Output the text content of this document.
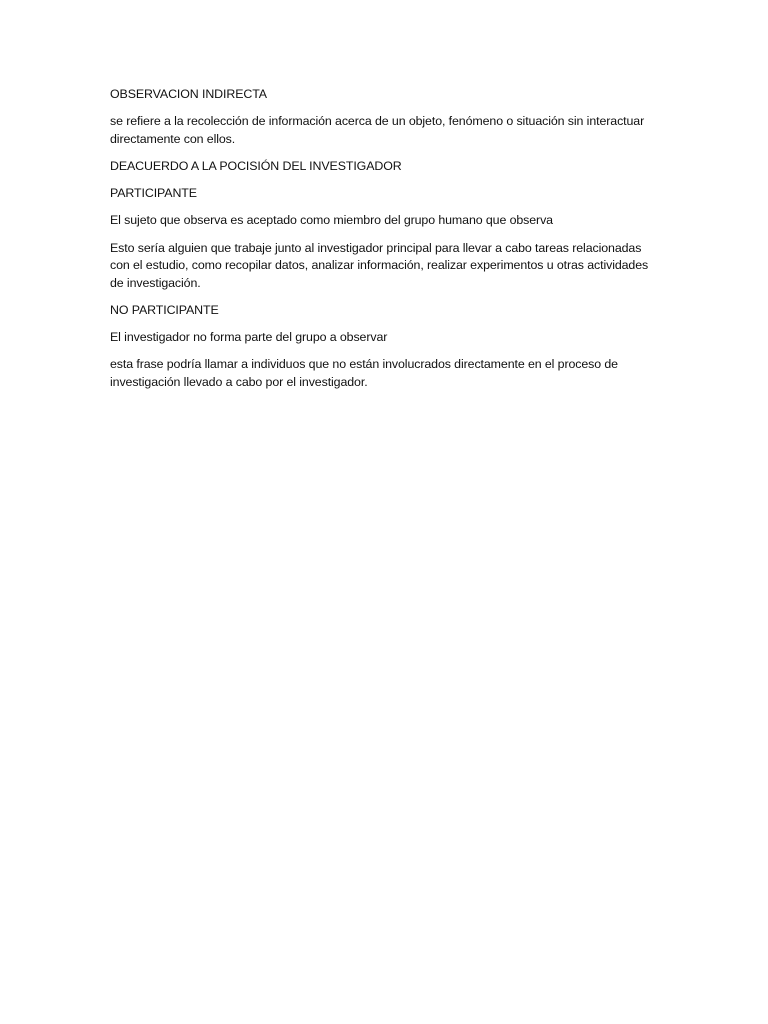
OBSERVACION INDIRECTA

se refiere a la recolección de información acerca de un objeto, fenómeno o situación sin interactuar directamente con ellos.

DEACUERDO A LA POCISIÓN DEL INVESTIGADOR

PARTICIPANTE

El sujeto que observa es aceptado como miembro del grupo humano que observa

Esto sería alguien que trabaje junto al investigador principal para llevar a cabo tareas relacionadas con el estudio, como recopilar datos, analizar información, realizar experimentos u otras actividades de investigación.

NO PARTICIPANTE

El investigador no forma parte del grupo a observar

esta frase podría llamar a individuos que no están involucrados directamente en el proceso de investigación llevado a cabo por el investigador.
